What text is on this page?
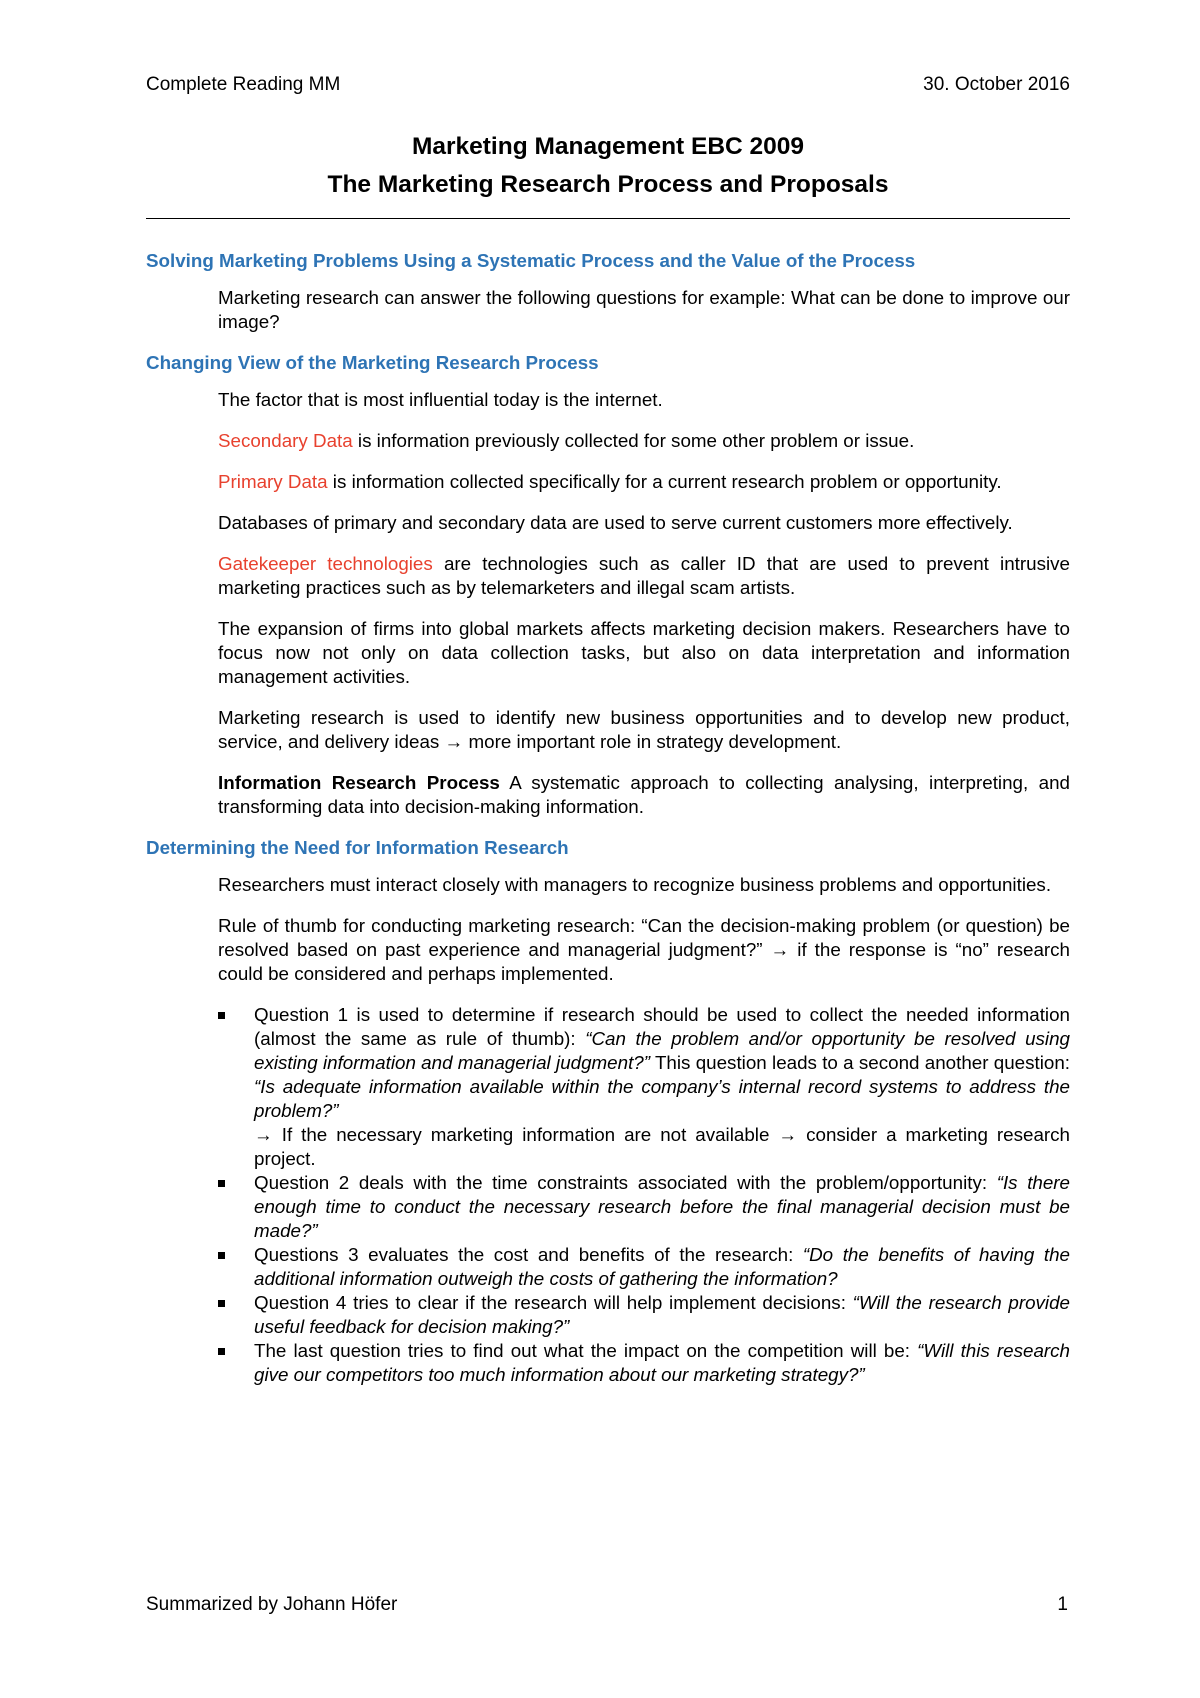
Complete Reading MM	30. October 2016
Marketing Management EBC 2009
The Marketing Research Process and Proposals
Solving Marketing Problems Using a Systematic Process and the Value of the Process
Marketing research can answer the following questions for example: What can be done to improve our image?
Changing View of the Marketing Research Process
The factor that is most influential today is the internet.
Secondary Data is information previously collected for some other problem or issue.
Primary Data is information collected specifically for a current research problem or opportunity.
Databases of primary and secondary data are used to serve current customers more effectively.
Gatekeeper technologies are technologies such as caller ID that are used to prevent intrusive marketing practices such as by telemarketers and illegal scam artists.
The expansion of firms into global markets affects marketing decision makers. Researchers have to focus now not only on data collection tasks, but also on data interpretation and information management activities.
Marketing research is used to identify new business opportunities and to develop new product, service, and delivery ideas → more important role in strategy development.
Information Research Process A systematic approach to collecting analysing, interpreting, and transforming data into decision-making information.
Determining the Need for Information Research
Researchers must interact closely with managers to recognize business problems and opportunities.
Rule of thumb for conducting marketing research: “Can the decision-making problem (or question) be resolved based on past experience and managerial judgment?” → if the response is “no” research could be considered and perhaps implemented.
Question 1 is used to determine if research should be used to collect the needed information (almost the same as rule of thumb): “Can the problem and/or opportunity be resolved using existing information and managerial judgment?” This question leads to a second another question: “Is adequate information available within the company’s internal record systems to address the problem?”
→ If the necessary marketing information are not available → consider a marketing research project.
Question 2 deals with the time constraints associated with the problem/opportunity: “Is there enough time to conduct the necessary research before the final managerial decision must be made?”
Questions 3 evaluates the cost and benefits of the research: “Do the benefits of having the additional information outweigh the costs of gathering the information?
Question 4 tries to clear if the research will help implement decisions: “Will the research provide useful feedback for decision making?”
The last question tries to find out what the impact on the competition will be: “Will this research give our competitors too much information about our marketing strategy?”
Summarized by Johann Höfer	1
